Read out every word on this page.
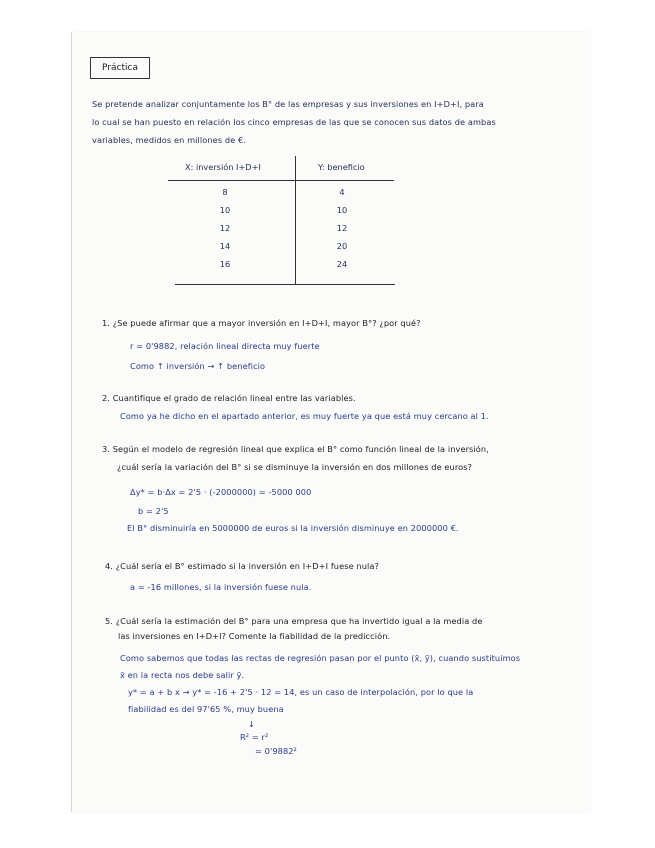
Práctica
Se pretende analizar conjuntamente los B° de las empresas y sus inversiones en I+D+I, para
lo cual se han puesto en relación los cinco empresas de las que se conocen sus datos de ambas
variables, medidos en millones de €.
X: inversión I+D+I	Y: beneficio
8	4
10	10
12	12
14	20
16	24
1. ¿Se puede afirmar que a mayor inversión en I+D+I, mayor B°? ¿por qué?
r = 0'9882, relación lineal directa muy fuerte
Como ↑ inversión → ↑ beneficio
2. Cuantifique el grado de relación lineal entre las variables.
Como ya he dicho en el apartado anterior, es muy fuerte ya que está muy cercano al 1.
3. Según el modelo de regresión lineal que explica el B° como función lineal de la inversión,
¿cuál sería la variación del B° si se disminuye la inversión en dos millones de euros?
Δy* = b·Δx = 2'5 · (-2000000) = -5000 000
b = 2'5
El B° disminuiría en 5000000 de euros si la inversión disminuye en 2000000 €.
4. ¿Cuál sería el B° estimado si la inversión en I+D+I fuese nula?
a = -16 millones, si la inversión fuese nula.
5. ¿Cuál sería la estimación del B° para una empresa que ha invertido igual a la media de
las inversiones en I+D+I? Comente la fiabilidad de la predicción.
Como sabemos que todas las rectas de regresión pasan por el punto (x̄, ȳ), cuando sustituimos
x̄ en la recta nos debe salir ȳ.
y* = a + b x → y* = -16 + 2'5 · 12 = 14, es un caso de interpolación, por lo que la
fiabilidad es del 97'65 %, muy buena
↓
R² = r²
= 0'9882²
